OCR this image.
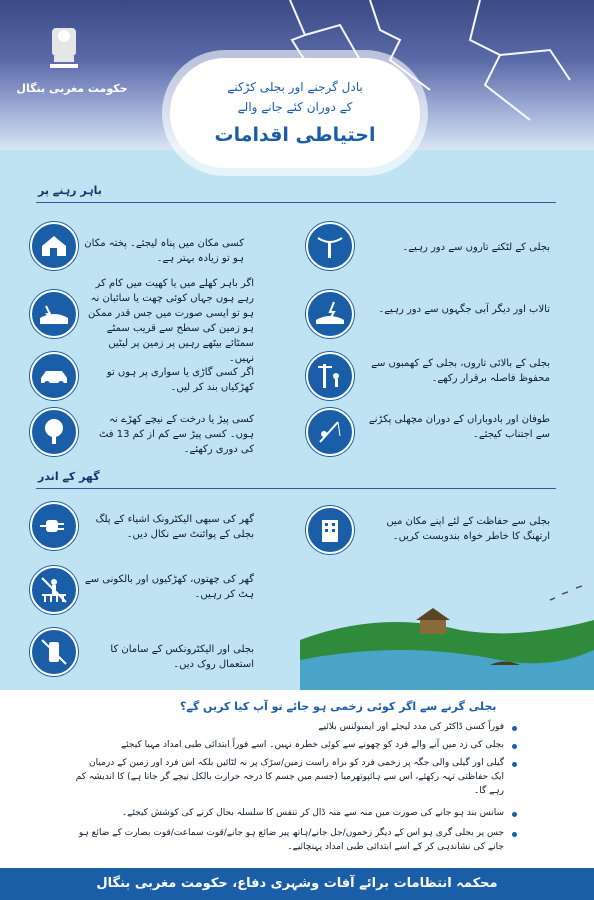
حکومت مغربی بنگال	بادل گرجنے اور بجلی کڑکنے
کے دوران کئے جانے والے
احتیاطی اقدامات
باہر رہنے پر
کسی مکان میں پناہ لیجئے۔ پختہ مکان ہو تو زیادہ بہتر ہے۔
اگر باہر کھلے میں یا کھیت میں کام کر رہے ہوں جہاں کوئی چھت یا سائبان نہ ہو تو ایسی صورت میں جس قدر ممکن ہو زمین کی سطح سے قریب سمٹے سمٹائے بیٹھے رہیں پر زمین پر لیٹیں نہیں۔
اگر کسی گاڑی یا سواری پر ہوں تو کھڑکیاں بند کر لیں۔
کسی پیڑ یا درخت کے نیچے کھڑے نہ ہوں۔ کسی پیڑ سے کم از کم 13 فٹ کی دوری رکھئے۔
بجلی کے لٹکتے تاروں سے دور رہیے۔
تالاب اور دیگر آبی جگہوں سے دور رہیے۔
بجلی کے بالائی تاروں، بجلی کے کھمبوں سے محفوظ فاصلہ برقرار رکھے۔
طوفان اور بادوباراں کے دوران مچھلی پکڑنے سے اجتناب کیجئے۔
گھر کے اندر
گھر کی سبھی الیکٹرونک اشیاء کے پلگ بجلی کے پوائنٹ سے نکال دیں۔
بجلی سے حفاظت کے لئے اپنے مکان میں ارتھنگ کا خاطر خواہ بندوبست کریں۔
گھر کی چھتوں، کھڑکیوں اور بالکونی سے ہٹ کر رہیں۔
بجلی اور الیکٹرونکس کے سامان کا استعمال روک دیں۔
بجلی گرنے سے اگر کوئی زخمی ہو جائے تو آپ کیا کریں گے؟
فوراً کسی ڈاکٹر کی مدد لیجئے اور ایمبولنس بلائیے
بجلی کی زد میں آنے والے فرد کو چھونے سے کوئی خطرہ نہیں۔ اسے فوراً ابتدائی طبی امداد مہیا کیجئے
گیلی اور گیلی والی جگہ پر زخمی فرد کو براہ راست زمین/سڑک پر نہ لٹائیں بلکہ اس فرد اور زمین کے درمیان ایک حفاظتی تہہ رکھئے، اس سے ہائپوتھرمیا (جسم میں جسم کا درجہ حرارت بالکل نیچے گر جاتا ہے) کا اندیشہ کم رہے گا۔
سانس بند ہو جانے کی صورت میں منہ سے منہ ڈال کر تنفس کا سلسلہ بحال کرنے کی کوشش کیجئے۔
جس پر بجلی گری ہو اس کے دیگر زخموں/جل جانے/ہاتھ پیر ضائع ہو جانے/قوت سماعت/قوت بصارت کے ضائع ہو جانے کی نشاندہی کر کے اسے ابتدائی طبی امداد پہنچائیے۔
محکمہ انتظامات برائے آفات وشہری دفاع، حکومت مغربی بنگال
